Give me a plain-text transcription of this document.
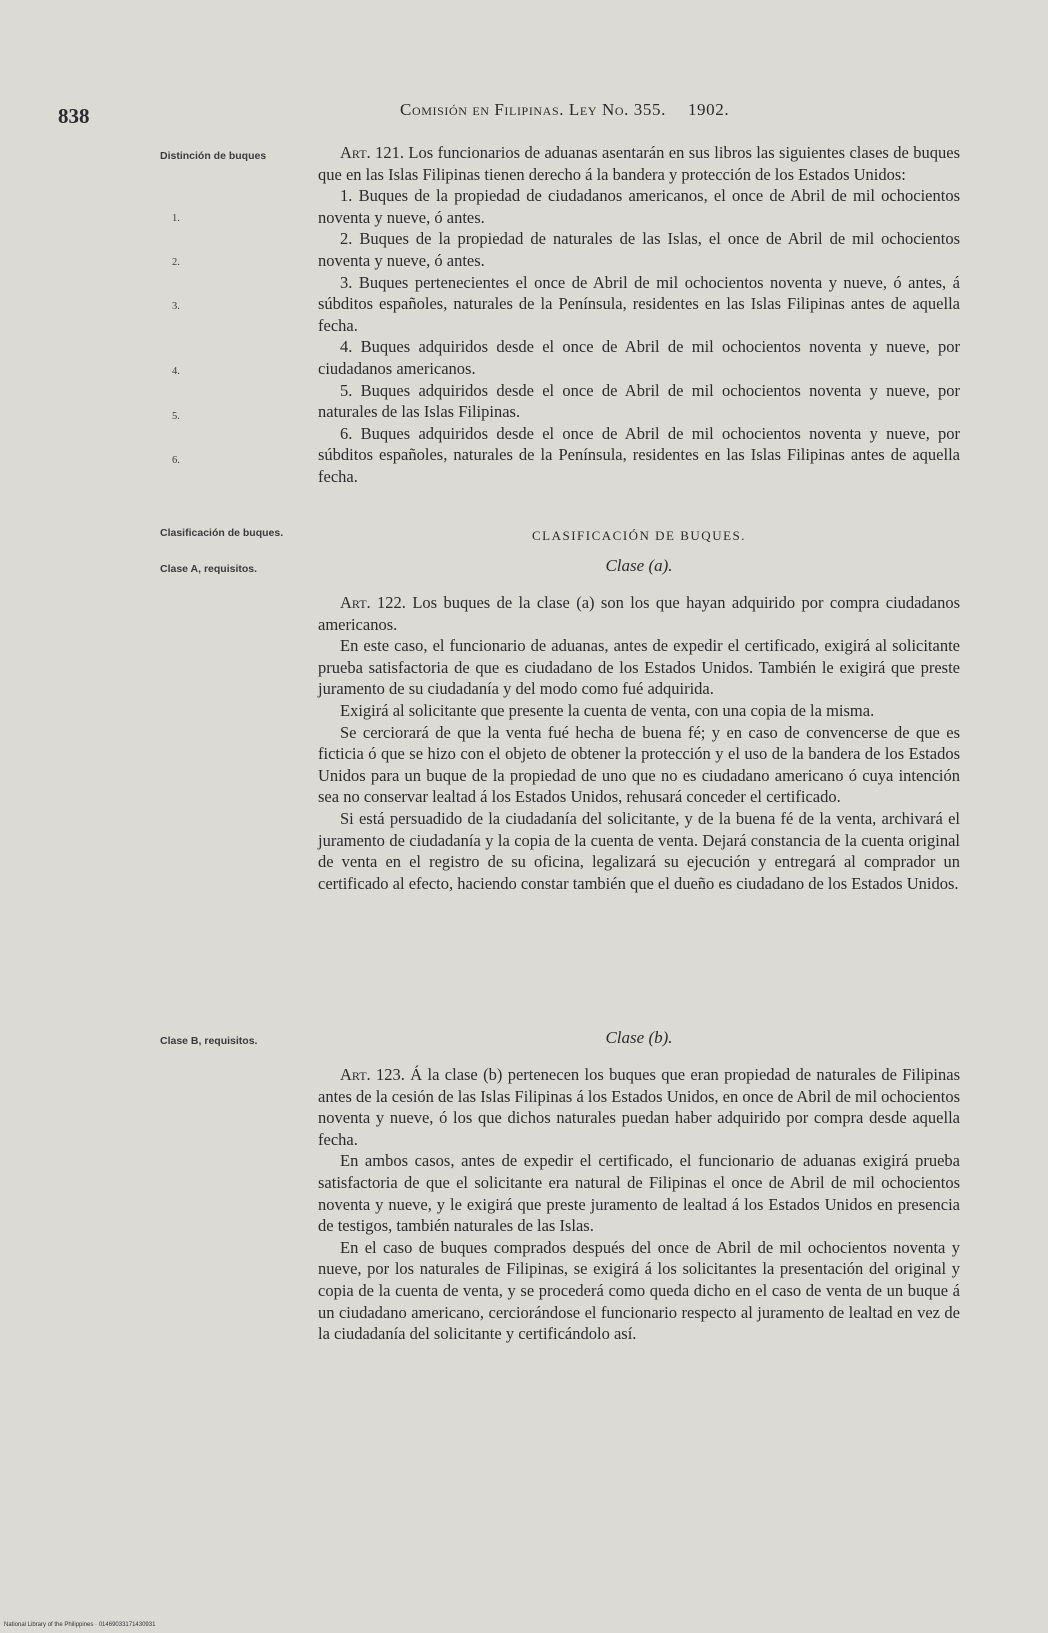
838	Comisión en Filipinas. Ley No. 355. 1902.
Distinción de buques
1.
2.
3.
4.
5.
6.
Clasificación de buques.
Clase A, requisitos.
Clase B, requisitos.

Art. 121. Los funcionarios de aduanas asentarán en sus libros las siguientes clases de buques que en las Islas Filipinas tienen derecho á la bandera y protección de los Estados Unidos:

1. Buques de la propiedad de ciudadanos americanos, el once de Abril de mil ochocientos noventa y nueve, ó antes.

2. Buques de la propiedad de naturales de las Islas, el once de Abril de mil ochocientos noventa y nueve, ó antes.

3. Buques pertenecientes el once de Abril de mil ochocientos noventa y nueve, ó antes, á súbditos españoles, naturales de la Península, residentes en las Islas Filipinas antes de aquella fecha.

4. Buques adquiridos desde el once de Abril de mil ochocientos noventa y nueve, por ciudadanos americanos.

5. Buques adquiridos desde el once de Abril de mil ochocientos noventa y nueve, por naturales de las Islas Filipinas.

6. Buques adquiridos desde el once de Abril de mil ochocientos noventa y nueve, por súbditos españoles, naturales de la Península, residentes en las Islas Filipinas antes de aquella fecha.

CLASIFICACIÓN DE BUQUES.
Clase (a).

Art. 122. Los buques de la clase (a) son los que hayan adquirido por compra ciudadanos americanos.

En este caso, el funcionario de aduanas, antes de expedir el certificado, exigirá al solicitante prueba satisfactoria de que es ciudadano de los Estados Unidos. También le exigirá que preste juramento de su ciudadanía y del modo como fué adquirida.

Exigirá al solicitante que presente la cuenta de venta, con una copia de la misma.

Se cerciorará de que la venta fué hecha de buena fé; y en caso de convencerse de que es ficticia ó que se hizo con el objeto de obtener la protección y el uso de la bandera de los Estados Unidos para un buque de la propiedad de uno que no es ciudadano americano ó cuya intención sea no conservar lealtad á los Estados Unidos, rehusará conceder el certificado.

Si está persuadido de la ciudadanía del solicitante, y de la buena fé de la venta, archivará el juramento de ciudadanía y la copia de la cuenta de venta. Dejará constancia de la cuenta original de venta en el registro de su oficina, legalizará su ejecución y entregará al comprador un certificado al efecto, haciendo constar también que el dueño es ciudadano de los Estados Unidos.

Clase (b).

Art. 123. Á la clase (b) pertenecen los buques que eran propiedad de naturales de Filipinas antes de la cesión de las Islas Filipinas á los Estados Unidos, en once de Abril de mil ochocientos noventa y nueve, ó los que dichos naturales puedan haber adquirido por compra desde aquella fecha.

En ambos casos, antes de expedir el certificado, el funcionario de aduanas exigirá prueba satisfactoria de que el solicitante era natural de Filipinas el once de Abril de mil ochocientos noventa y nueve, y le exigirá que preste juramento de lealtad á los Estados Unidos en presencia de testigos, también naturales de las Islas.

En el caso de buques comprados después del once de Abril de mil ochocientos noventa y nueve, por los naturales de Filipinas, se exigirá á los solicitantes la presentación del original y copia de la cuenta de venta, y se procederá como queda dicho en el caso de venta de un buque á un ciudadano americano, cerciorándose el funcionario respecto al juramento de lealtad en vez de la ciudadanía del solicitante y certificándolo así.

National Library of the Philippines · 01469033171430931
